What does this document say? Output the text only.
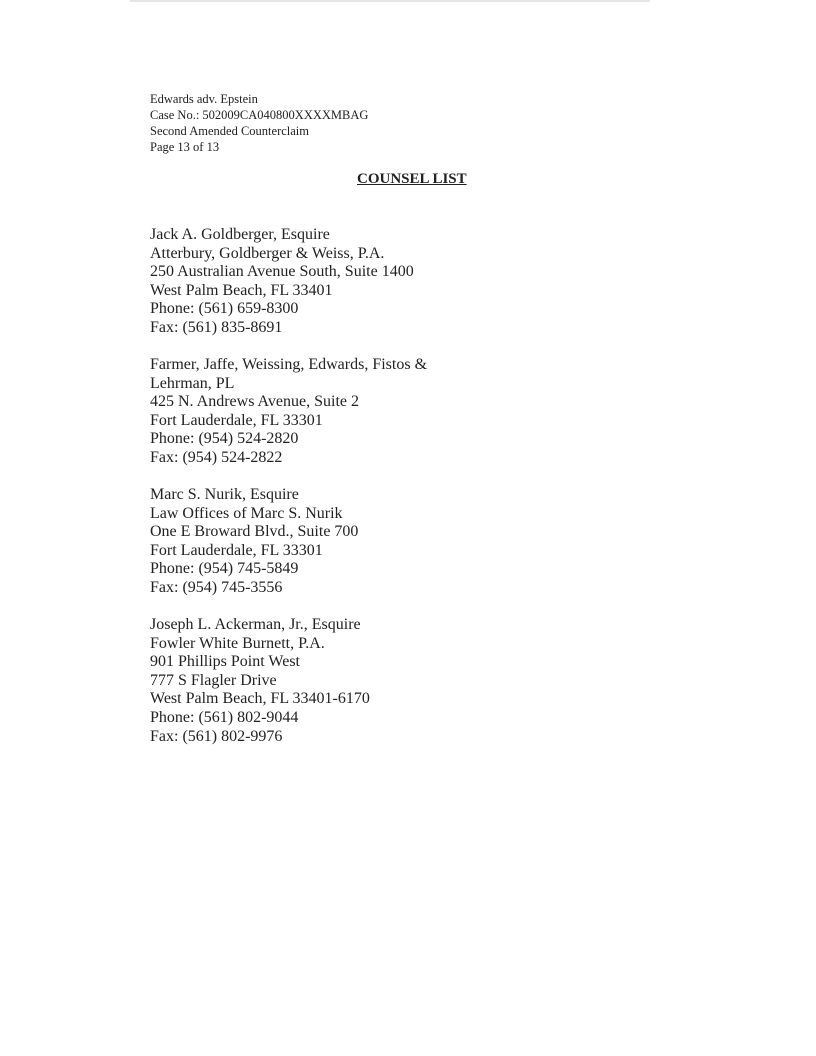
Edwards adv. Epstein
Case No.: 502009CA040800XXXXMBAG
Second Amended Counterclaim
Page 13 of 13
COUNSEL LIST
Jack A. Goldberger, Esquire
Atterbury, Goldberger & Weiss, P.A.
250 Australian Avenue South, Suite 1400
West Palm Beach, FL 33401
Phone: (561) 659-8300
Fax: (561) 835-8691
Farmer, Jaffe, Weissing, Edwards, Fistos &
Lehrman, PL
425 N. Andrews Avenue, Suite 2
Fort Lauderdale, FL 33301
Phone: (954) 524-2820
Fax: (954) 524-2822
Marc S. Nurik, Esquire
Law Offices of Marc S. Nurik
One E Broward Blvd., Suite 700
Fort Lauderdale, FL 33301
Phone: (954) 745-5849
Fax: (954) 745-3556
Joseph L. Ackerman, Jr., Esquire
Fowler White Burnett, P.A.
901 Phillips Point West
777 S Flagler Drive
West Palm Beach, FL 33401-6170
Phone: (561) 802-9044
Fax: (561) 802-9976
